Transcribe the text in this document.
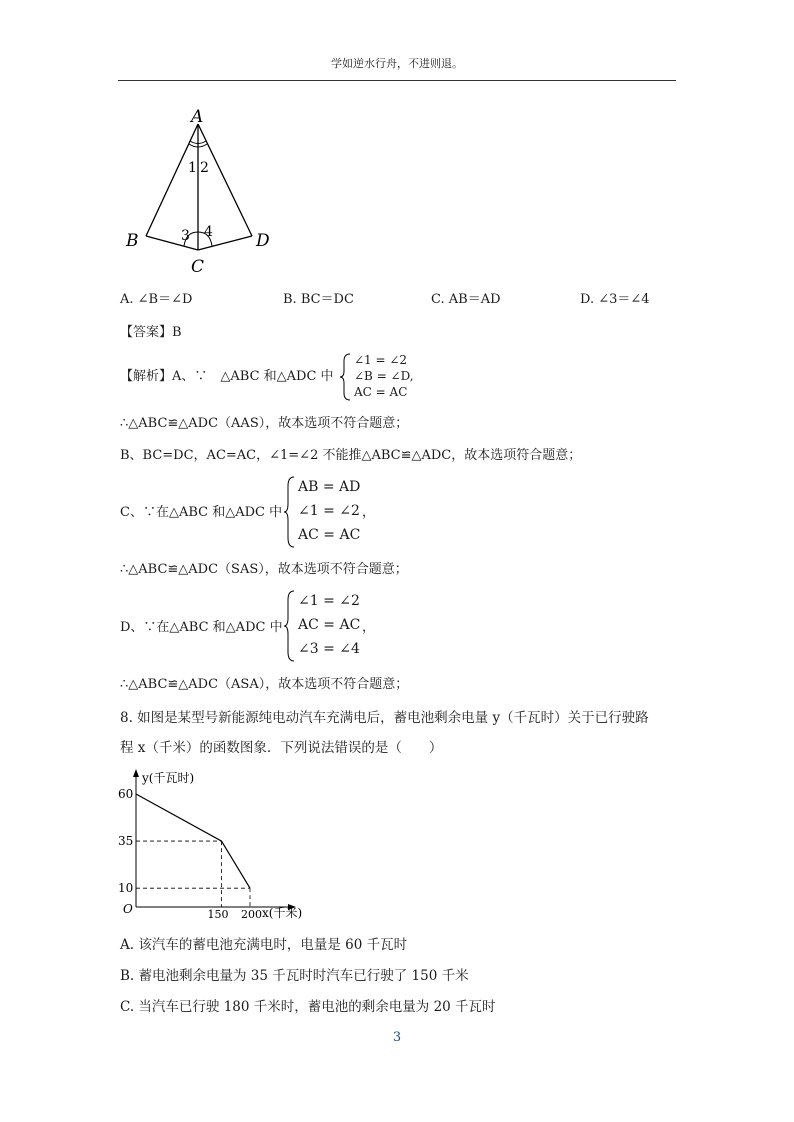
学如逆水行舟，不进则退。
A
B
C
D
1 2
3 4
A. ∠B＝∠D	B. BC＝DC	C. AB＝AD	D. ∠3＝∠4
【答案】B
【解析】A、∵　△ABC 和△ADC 中
∠1 = ∠2
∠B = ∠D,
AC = AC
∴△ABC≌△ADC（AAS），故本选项不符合题意；
B、BC=DC，AC=AC，∠1=∠2 不能推△ABC≌△ADC，故本选项符合题意；
C、∵在△ABC 和△ADC 中
AB = AD
∠1 = ∠2
AC = AC
，
∴△ABC≌△ADC（SAS），故本选项不符合题意；
D、∵在△ABC 和△ADC 中
∠1 = ∠2
AC = AC
∠3 = ∠4
，
∴△ABC≌△ADC（ASA），故本选项不符合题意；
8. 如图是某型号新能源纯电动汽车充满电后，蓄电池剩余电量 y（千瓦时）关于已行驶路
程 x（千米）的函数图象．下列说法错误的是（　　）
y(千瓦时)
x(千米)
O
60
35
10
150 200
A. 该汽车的蓄电池充满电时，电量是 60 千瓦时
B. 蓄电池剩余电量为 35 千瓦时时汽车已行驶了 150 千米
C. 当汽车已行驶 180 千米时，蓄电池的剩余电量为 20 千瓦时
3
